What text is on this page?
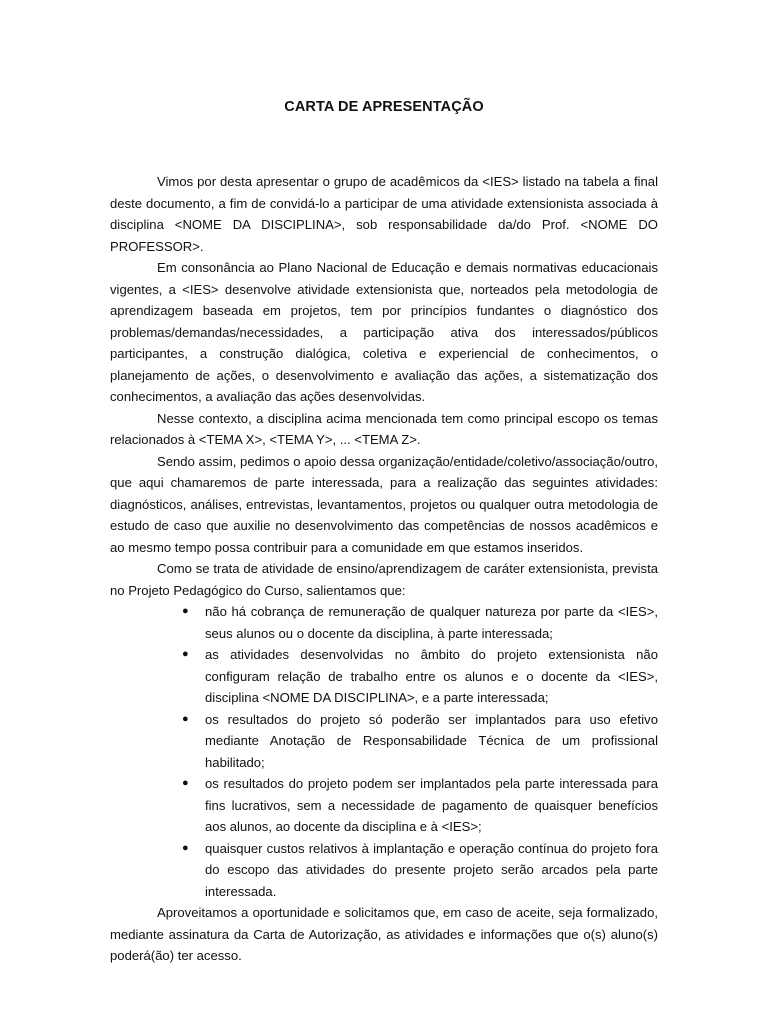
CARTA DE APRESENTAÇÃO

Vimos por desta apresentar o grupo de acadêmicos da <IES> listado na tabela a final deste documento, a fim de convidá-lo a participar de uma atividade extensionista associada à disciplina <NOME DA DISCIPLINA>, sob responsabilidade da/do Prof. <NOME DO PROFESSOR>.

Em consonância ao Plano Nacional de Educação e demais normativas educacionais vigentes, a <IES> desenvolve atividade extensionista que, norteados pela metodologia de aprendizagem baseada em projetos, tem por princípios fundantes o diagnóstico dos problemas/demandas/necessidades, a participação ativa dos interessados/públicos participantes, a construção dialógica, coletiva e experiencial de conhecimentos, o planejamento de ações, o desenvolvimento e avaliação das ações, a sistematização dos conhecimentos, a avaliação das ações desenvolvidas.

Nesse contexto, a disciplina acima mencionada tem como principal escopo os temas relacionados à <TEMA X>, <TEMA Y>, ... <TEMA Z>.

Sendo assim, pedimos o apoio dessa organização/entidade/coletivo/associação/outro, que aqui chamaremos de parte interessada, para a realização das seguintes atividades: diagnósticos, análises, entrevistas, levantamentos, projetos ou qualquer outra metodologia de estudo de caso que auxilie no desenvolvimento das competências de nossos acadêmicos e ao mesmo tempo possa contribuir para a comunidade em que estamos inseridos.

Como se trata de atividade de ensino/aprendizagem de caráter extensionista, prevista no Projeto Pedagógico do Curso, salientamos que:

● não há cobrança de remuneração de qualquer natureza por parte da <IES>, seus alunos ou o docente da disciplina, à parte interessada;
● as atividades desenvolvidas no âmbito do projeto extensionista não configuram relação de trabalho entre os alunos e o docente da <IES>, disciplina <NOME DA DISCIPLINA>, e a parte interessada;
● os resultados do projeto só poderão ser implantados para uso efetivo mediante Anotação de Responsabilidade Técnica de um profissional habilitado;
● os resultados do projeto podem ser implantados pela parte interessada para fins lucrativos, sem a necessidade de pagamento de quaisquer benefícios aos alunos, ao docente da disciplina e à <IES>;
● quaisquer custos relativos à implantação e operação contínua do projeto fora do escopo das atividades do presente projeto serão arcados pela parte interessada.

Aproveitamos a oportunidade e solicitamos que, em caso de aceite, seja formalizado, mediante assinatura da Carta de Autorização, as atividades e informações que o(s) aluno(s) poderá(ão) ter acesso.
